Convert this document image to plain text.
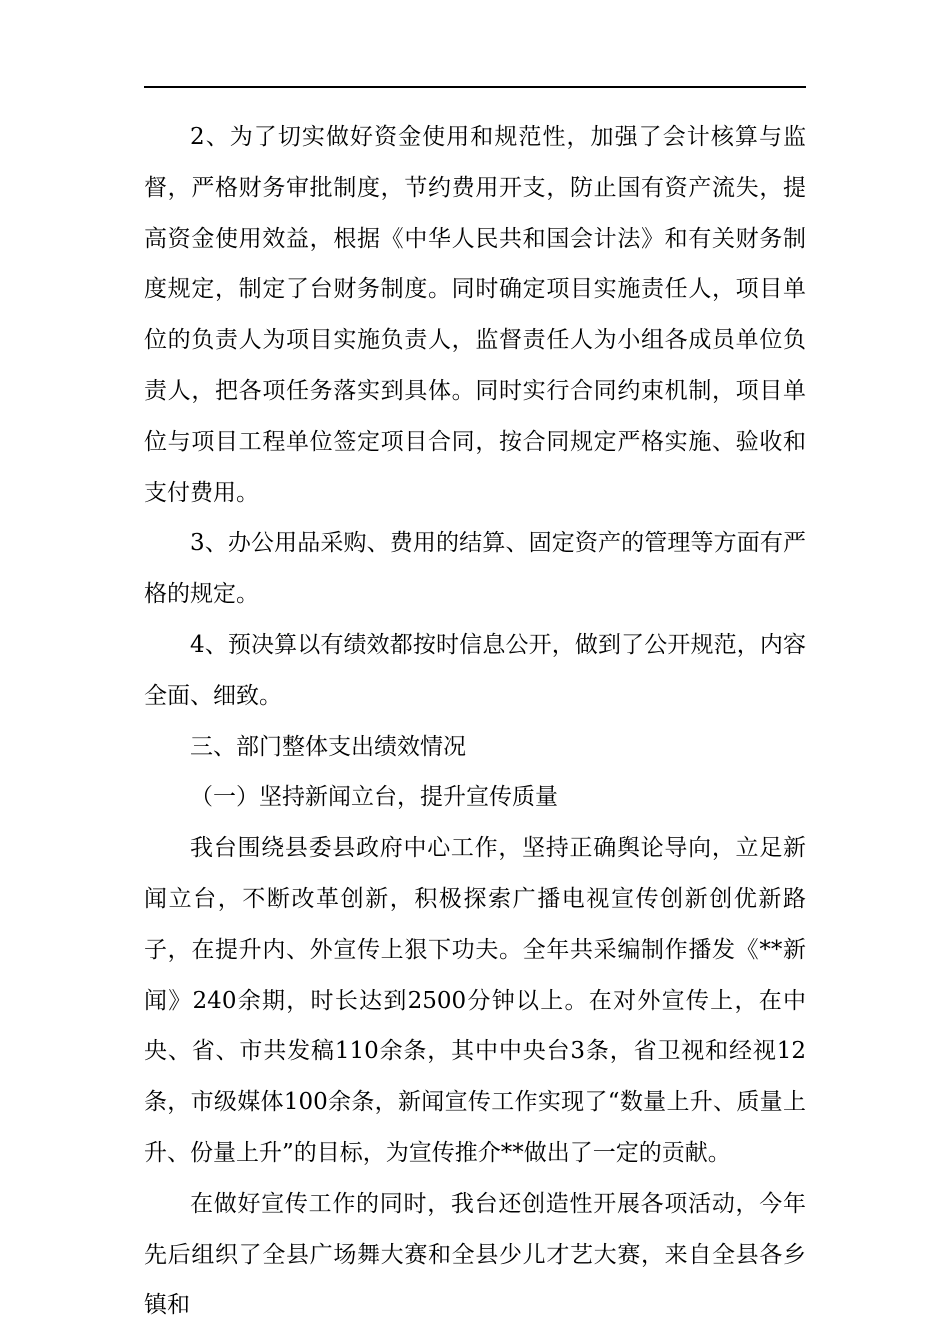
2、为了切实做好资金使用和规范性，加强了会计核算与监督，严格财务审批制度，节约费用开支，防止国有资产流失，提高资金使用效益，根据《中华人民共和国会计法》和有关财务制度规定，制定了台财务制度。同时确定项目实施责任人，项目单位的负责人为项目实施负责人，监督责任人为小组各成员单位负责人，把各项任务落实到具体。同时实行合同约束机制，项目单位与项目工程单位签定项目合同，按合同规定严格实施、验收和支付费用。

3、办公用品采购、费用的结算、固定资产的管理等方面有严格的规定。

4、预决算以有绩效都按时信息公开，做到了公开规范，内容全面、细致。

三、部门整体支出绩效情况

（一）坚持新闻立台，提升宣传质量

我台围绕县委县政府中心工作，坚持正确舆论导向，立足新闻立台，不断改革创新，积极探索广播电视宣传创新创优新路子，在提升内、外宣传上狠下功夫。全年共采编制作播发《**新闻》240余期，时长达到2500分钟以上。在对外宣传上，在中央、省、市共发稿110余条，其中中央台3条，省卫视和经视12条，市级媒体100余条，新闻宣传工作实现了“数量上升、质量上升、份量上升”的目标，为宣传推介**做出了一定的贡献。

在做好宣传工作的同时，我台还创造性开展各项活动，今年先后组织了全县广场舞大赛和全县少儿才艺大赛，来自全县各乡镇和
